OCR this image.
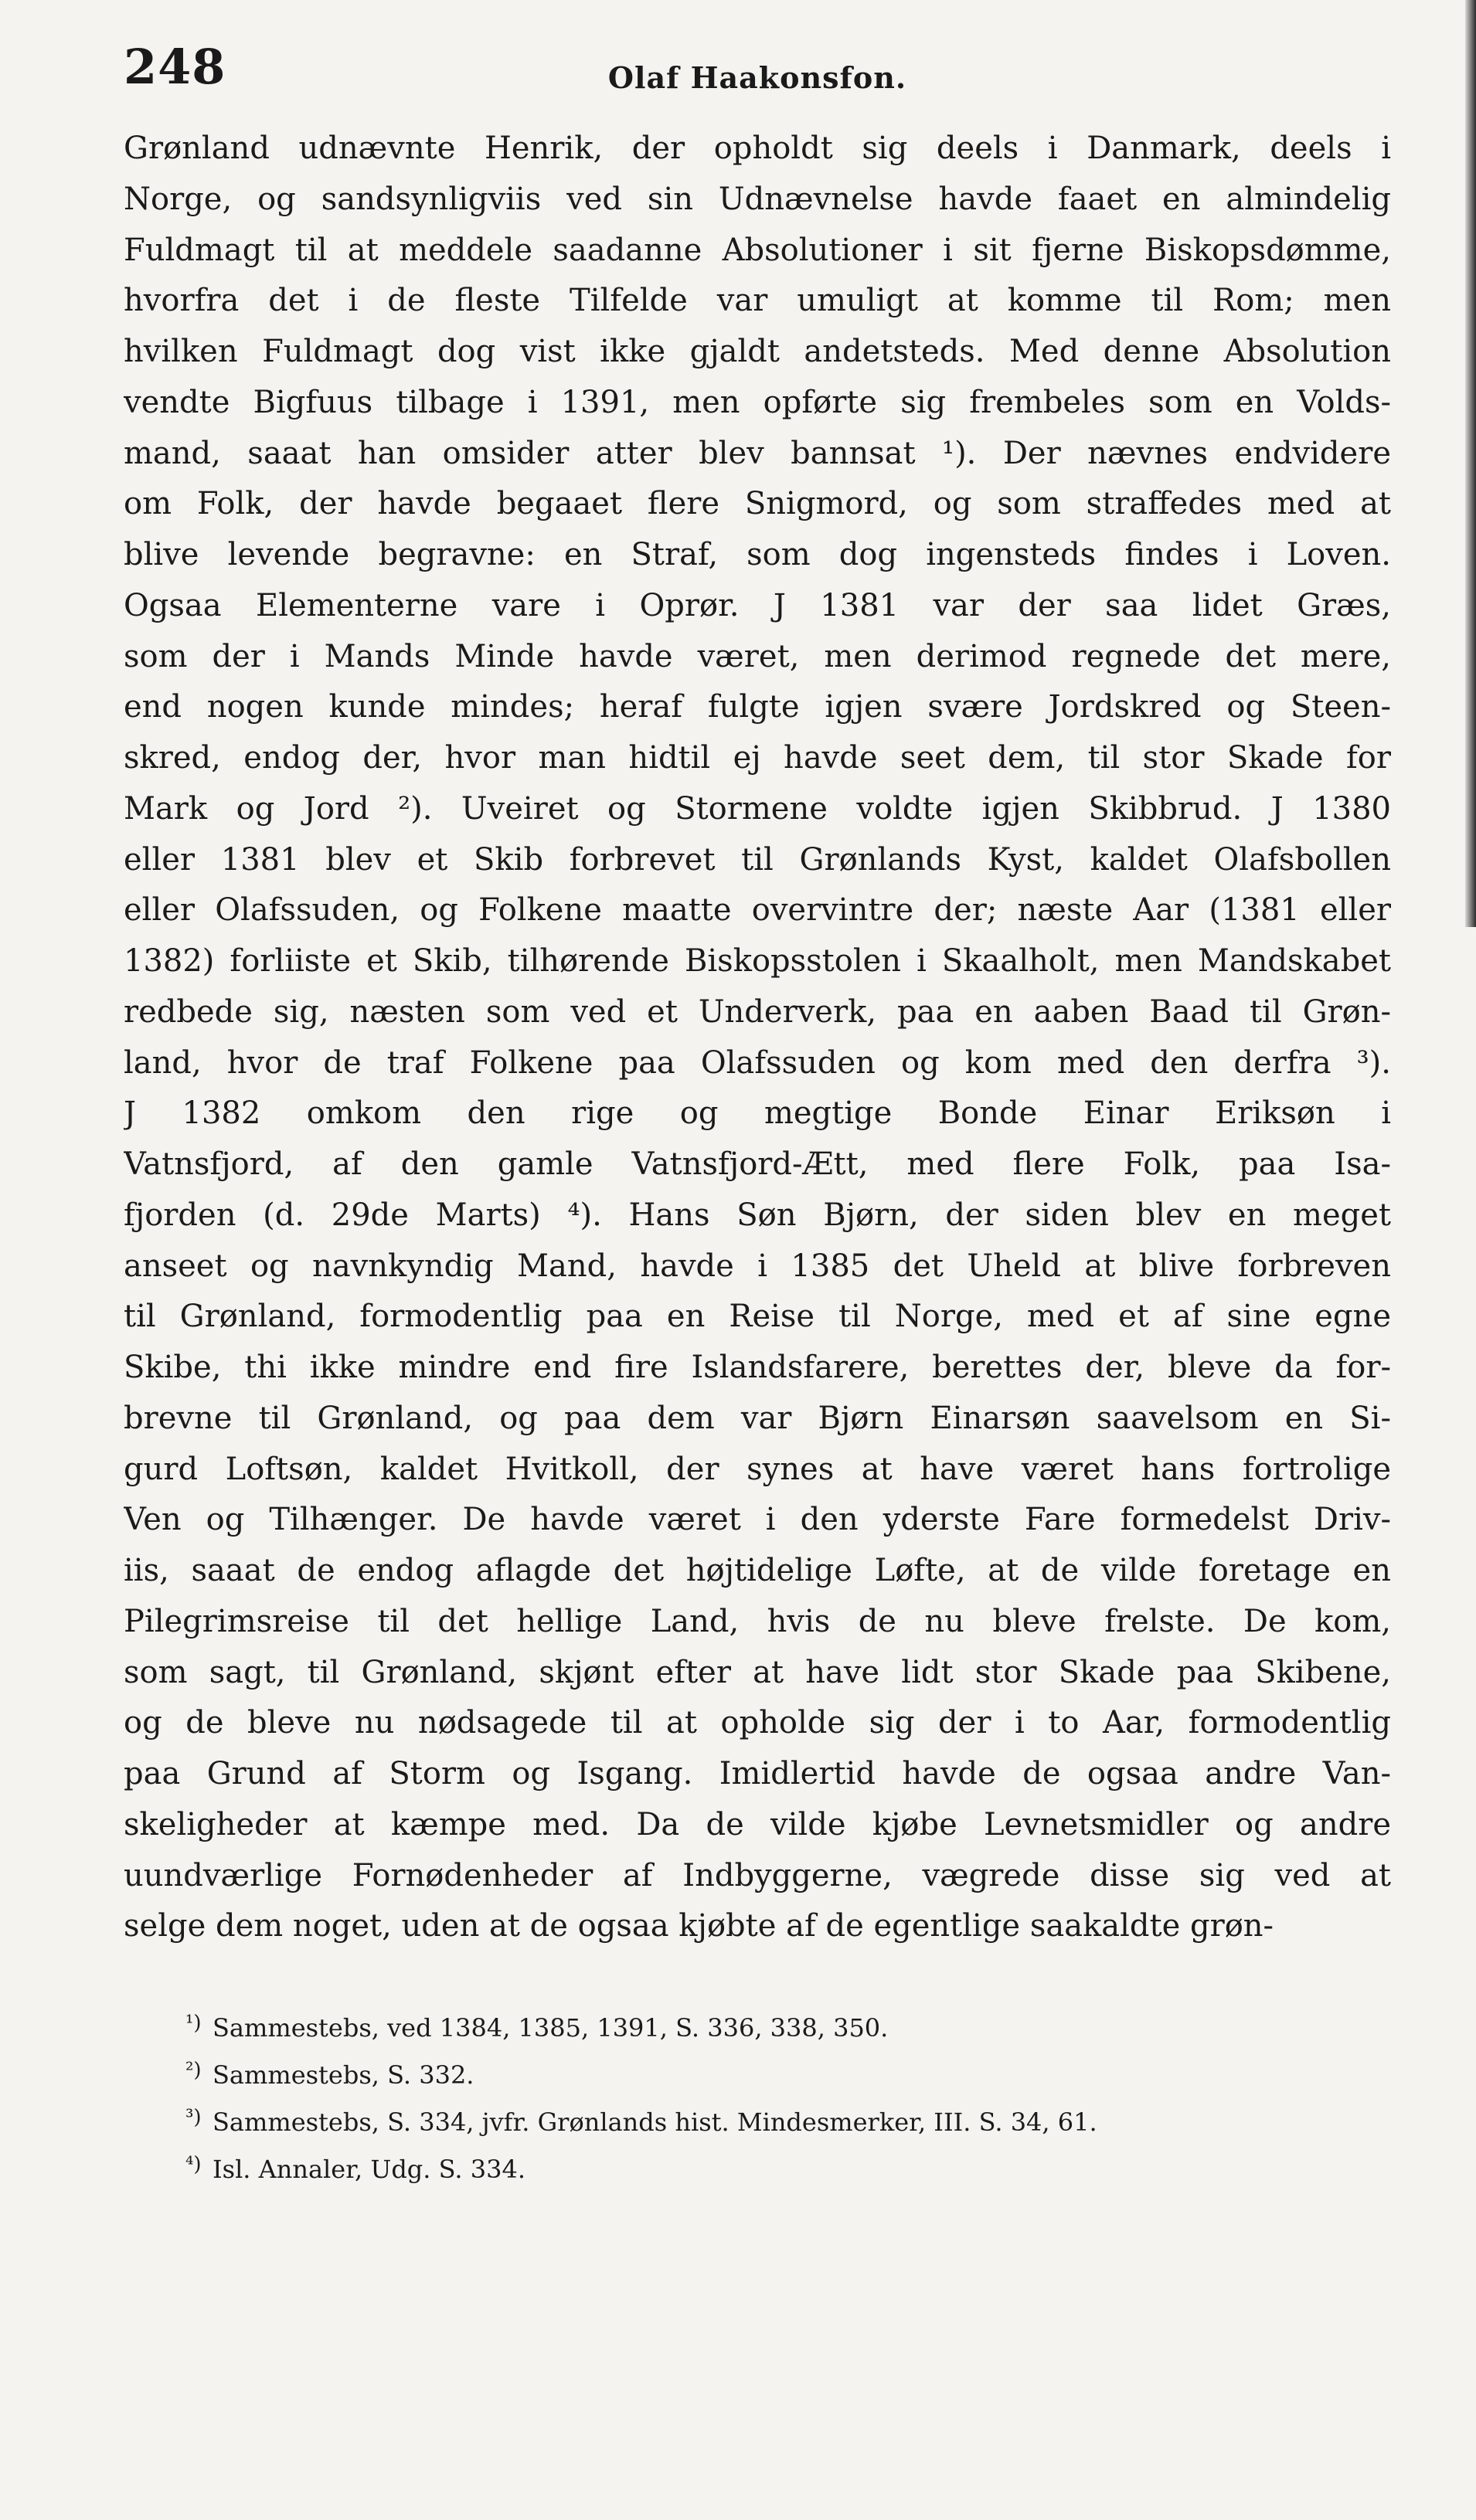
248	Olaf Haakonsfon.
Grønland udnævnte Henrik, der opholdt sig deels i Danmark, deels i
Norge, og sandsynligviis ved sin Udnævnelse havde faaet en almindelig
Fuldmagt til at meddele saadanne Absolutioner i sit fjerne Biskopsdømme,
hvorfra det i de fleste Tilfelde var umuligt at komme til Rom; men
hvilken Fuldmagt dog vist ikke gjaldt andetsteds. Med denne Absolution
vendte Bigfuus tilbage i 1391, men opførte sig frembeles som en Volds-
mand, saaat han omsider atter blev bannsat ¹). Der nævnes endvidere
om Folk, der havde begaaet flere Snigmord, og som straffedes med at
blive levende begravne: en Straf, som dog ingensteds findes i Loven.
Ogsaa Elementerne vare i Oprør. J 1381 var der saa lidet Græs,
som der i Mands Minde havde været, men derimod regnede det mere,
end nogen kunde mindes; heraf fulgte igjen svære Jordskred og Steen-
skred, endog der, hvor man hidtil ej havde seet dem, til stor Skade for
Mark og Jord ²). Uveiret og Stormene voldte igjen Skibbrud. J 1380
eller 1381 blev et Skib forbrevet til Grønlands Kyst, kaldet Olafsbollen
eller Olafssuden, og Folkene maatte overvintre der; næste Aar (1381 eller
1382) forliiste et Skib, tilhørende Biskopsstolen i Skaalholt, men Mandskabet
redbede sig, næsten som ved et Underverk, paa en aaben Baad til Grøn-
land, hvor de traf Folkene paa Olafssuden og kom med den derfra ³).
J 1382 omkom den rige og megtige Bonde Einar Eriksøn i
Vatnsfjord, af den gamle Vatnsfjord-Ætt, med flere Folk, paa Isa-
fjorden (d. 29de Marts) ⁴). Hans Søn Bjørn, der siden blev en meget
anseet og navnkyndig Mand, havde i 1385 det Uheld at blive forbreven
til Grønland, formodentlig paa en Reise til Norge, med et af sine egne
Skibe, thi ikke mindre end fire Islandsfarere, berettes der, bleve da for-
brevne til Grønland, og paa dem var Bjørn Einarsøn saavelsom en Si-
gurd Loftsøn, kaldet Hvitkoll, der synes at have været hans fortrolige
Ven og Tilhænger. De havde været i den yderste Fare formedelst Driv-
iis, saaat de endog aflagde det højtidelige Løfte, at de vilde foretage en
Pilegrimsreise til det hellige Land, hvis de nu bleve frelste. De kom,
som sagt, til Grønland, skjønt efter at have lidt stor Skade paa Skibene,
og de bleve nu nødsagede til at opholde sig der i to Aar, formodentlig
paa Grund af Storm og Isgang. Imidlertid havde de ogsaa andre Van-
skeligheder at kæmpe med. Da de vilde kjøbe Levnetsmidler og andre
uundværlige Fornødenheder af Indbyggerne, vægrede disse sig ved at
selge dem noget, uden at de ogsaa kjøbte af de egentlige saakaldte grøn-
¹) Sammestebs, ved 1384, 1385, 1391, S. 336, 338, 350.
²) Sammestebs, S. 332.
³) Sammestebs, S. 334, jvfr. Grønlands hist. Mindesmerker, III. S. 34, 61.
⁴) Isl. Annaler, Udg. S. 334.
